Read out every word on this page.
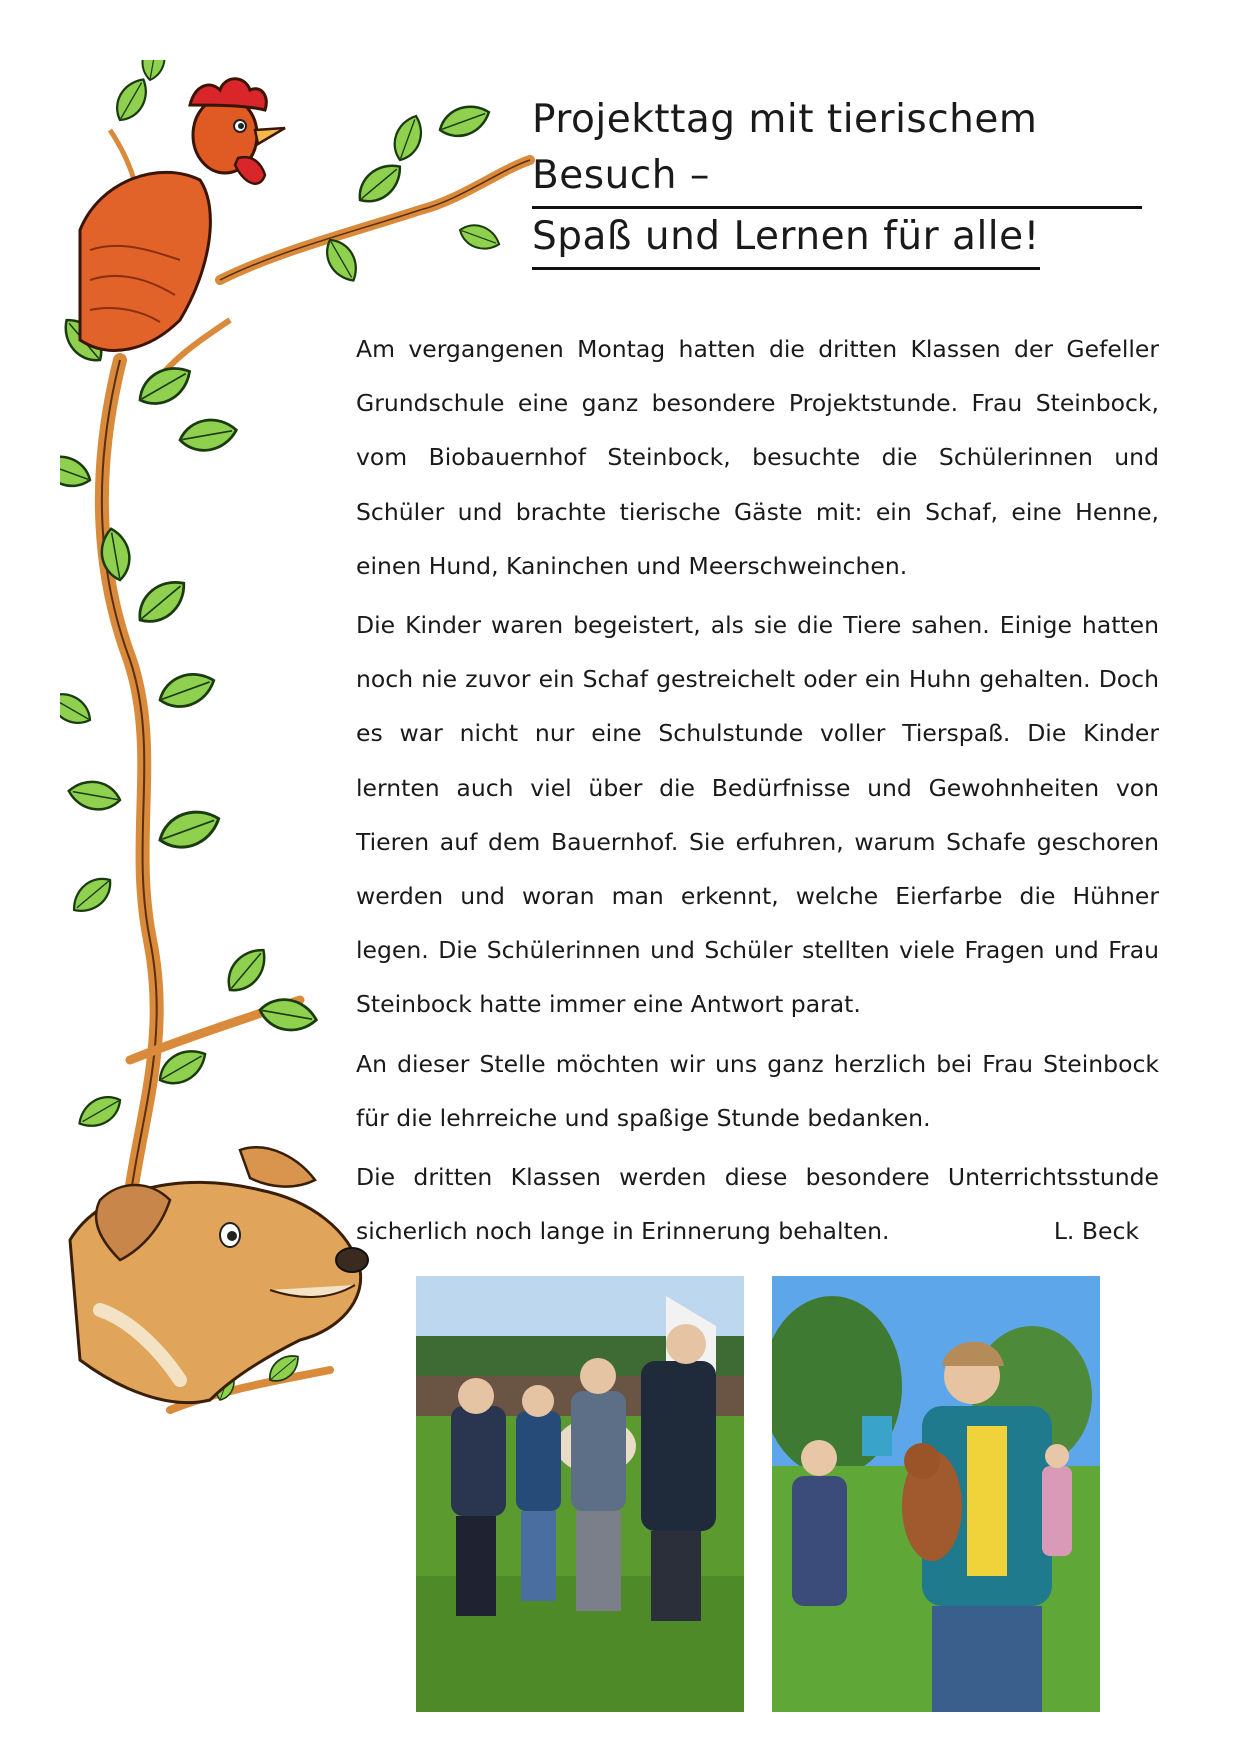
Projekttag mit tierischem Besuch –
Spaß und Lernen für alle!

Am vergangenen Montag hatten die dritten Klassen der Gefeller Grundschule eine ganz besondere Projektstunde. Frau Steinbock, vom Biobauernhof Steinbock, besuchte die Schülerinnen und Schüler und brachte tierische Gäste mit: ein Schaf, eine Henne, einen Hund, Kaninchen und Meerschweinchen.

Die Kinder waren begeistert, als sie die Tiere sahen. Einige hatten noch nie zuvor ein Schaf gestreichelt oder ein Huhn gehalten. Doch es war nicht nur eine Schulstunde voller Tierspaß. Die Kinder lernten auch viel über die Bedürfnisse und Gewohnheiten von Tieren auf dem Bauernhof. Sie erfuhren, warum Schafe geschoren werden und woran man erkennt, welche Eierfarbe die Hühner legen. Die Schülerinnen und Schüler stellten viele Fragen und Frau Steinbock hatte immer eine Antwort parat.

An dieser Stelle möchten wir uns ganz herzlich bei Frau Steinbock für die lehrreiche und spaßige Stunde bedanken.

Die dritten Klassen werden diese besondere Unterrichtsstunde sicherlich noch lange in Erinnerung behalten.	L. Beck
